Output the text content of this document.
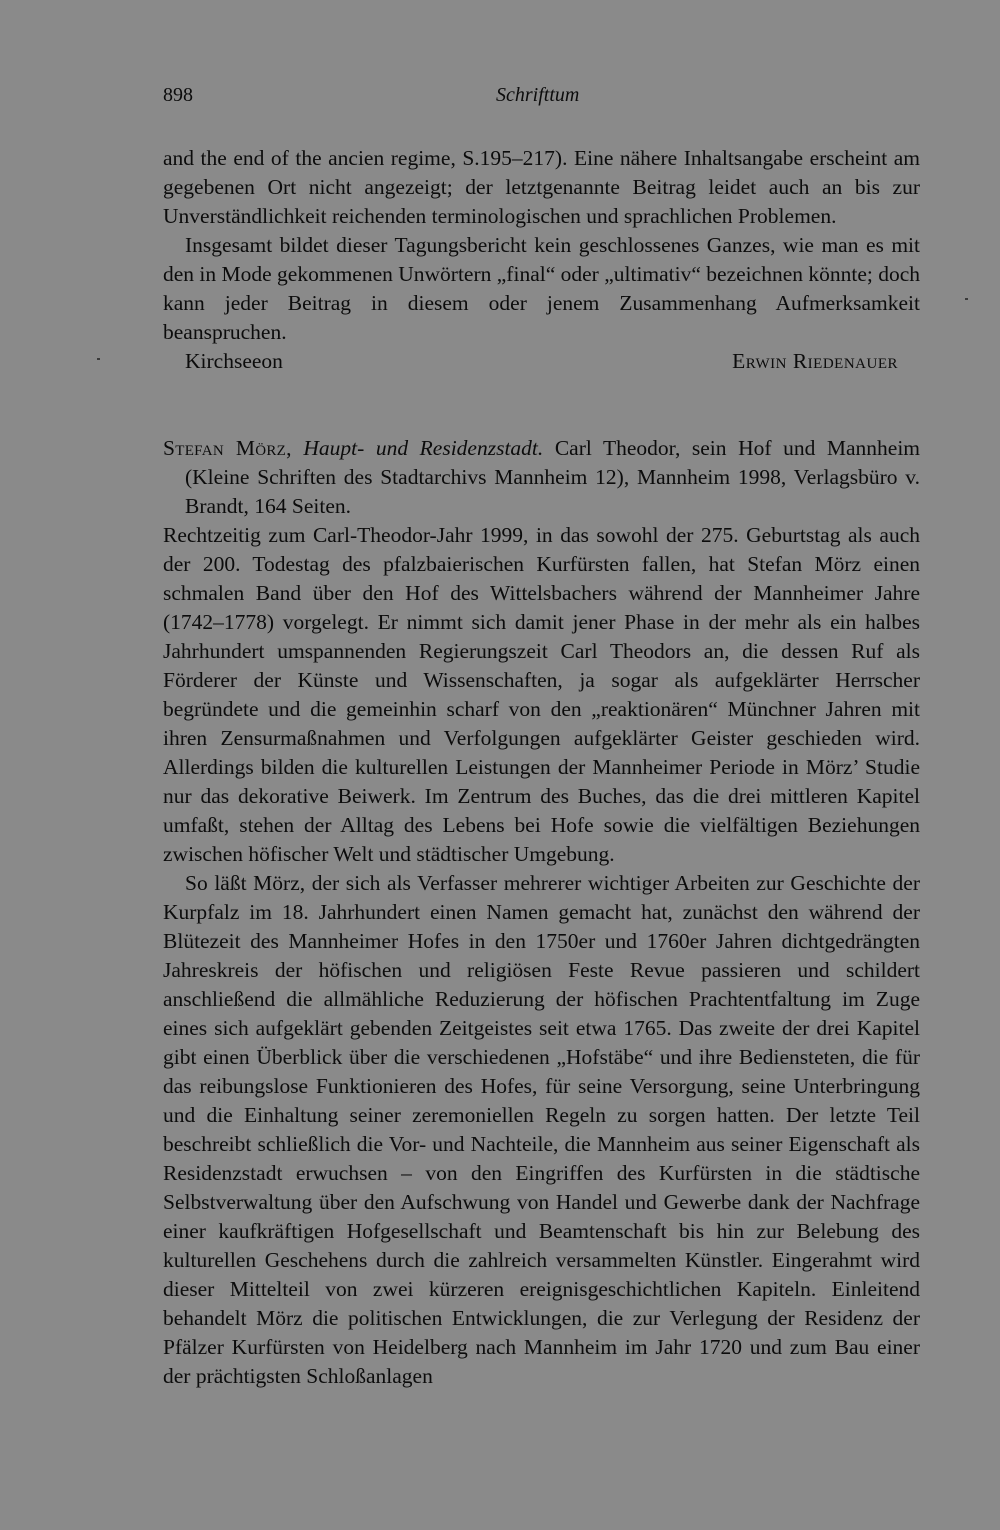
898	Schrifttum

and the end of the ancien regime, S.195–217). Eine nähere Inhaltsangabe erscheint am gegebenen Ort nicht angezeigt; der letztgenannte Beitrag leidet auch an bis zur Unverständlichkeit reichenden terminologischen und sprachlichen Problemen.

Insgesamt bildet dieser Tagungsbericht kein geschlossenes Ganzes, wie man es mit den in Mode gekommenen Unwörtern „final“ oder „ultimativ“ bezeichnen könnte; doch kann jeder Beitrag in diesem oder jenem Zusammenhang Aufmerksamkeit beanspruchen.

Kirchseeon	Erwin Riedenauer

Stefan Mörz, Haupt- und Residenzstadt. Carl Theodor, sein Hof und Mannheim (Kleine Schriften des Stadtarchivs Mannheim 12), Mannheim 1998, Verlagsbüro v. Brandt, 164 Seiten.

Rechtzeitig zum Carl-Theodor-Jahr 1999, in das sowohl der 275. Geburtstag als auch der 200. Todestag des pfalzbaierischen Kurfürsten fallen, hat Stefan Mörz einen schmalen Band über den Hof des Wittelsbachers während der Mannheimer Jahre (1742–1778) vorgelegt. Er nimmt sich damit jener Phase in der mehr als ein halbes Jahrhundert umspannenden Regierungszeit Carl Theodors an, die dessen Ruf als Förderer der Künste und Wissenschaften, ja sogar als aufgeklärter Herrscher begründete und die gemeinhin scharf von den „reaktionären“ Münchner Jahren mit ihren Zensurmaßnahmen und Verfolgungen aufgeklärter Geister geschieden wird. Allerdings bilden die kulturellen Leistungen der Mannheimer Periode in Mörz’ Studie nur das dekorative Beiwerk. Im Zentrum des Buches, das die drei mittleren Kapitel umfaßt, stehen der Alltag des Lebens bei Hofe sowie die vielfältigen Beziehungen zwischen höfischer Welt und städtischer Umgebung.

So läßt Mörz, der sich als Verfasser mehrerer wichtiger Arbeiten zur Geschichte der Kurpfalz im 18. Jahrhundert einen Namen gemacht hat, zunächst den während der Blütezeit des Mannheimer Hofes in den 1750er und 1760er Jahren dichtgedrängten Jahreskreis der höfischen und religiösen Feste Revue passieren und schildert anschließend die allmähliche Reduzierung der höfischen Prachtentfaltung im Zuge eines sich aufgeklärt gebenden Zeitgeistes seit etwa 1765. Das zweite der drei Kapitel gibt einen Überblick über die verschiedenen „Hofstäbe“ und ihre Bediensteten, die für das reibungslose Funktionieren des Hofes, für seine Versorgung, seine Unterbringung und die Einhaltung seiner zeremoniellen Regeln zu sorgen hatten. Der letzte Teil beschreibt schließlich die Vor- und Nachteile, die Mannheim aus seiner Eigenschaft als Residenzstadt erwuchsen – von den Eingriffen des Kurfürsten in die städtische Selbstverwaltung über den Aufschwung von Handel und Gewerbe dank der Nachfrage einer kaufkräftigen Hofgesellschaft und Beamtenschaft bis hin zur Belebung des kulturellen Geschehens durch die zahlreich versammelten Künstler. Eingerahmt wird dieser Mittelteil von zwei kürzeren ereignisgeschichtlichen Kapiteln. Einleitend behandelt Mörz die politischen Entwicklungen, die zur Verlegung der Residenz der Pfälzer Kurfürsten von Heidelberg nach Mannheim im Jahr 1720 und zum Bau einer der prächtigsten Schloßanlagen
